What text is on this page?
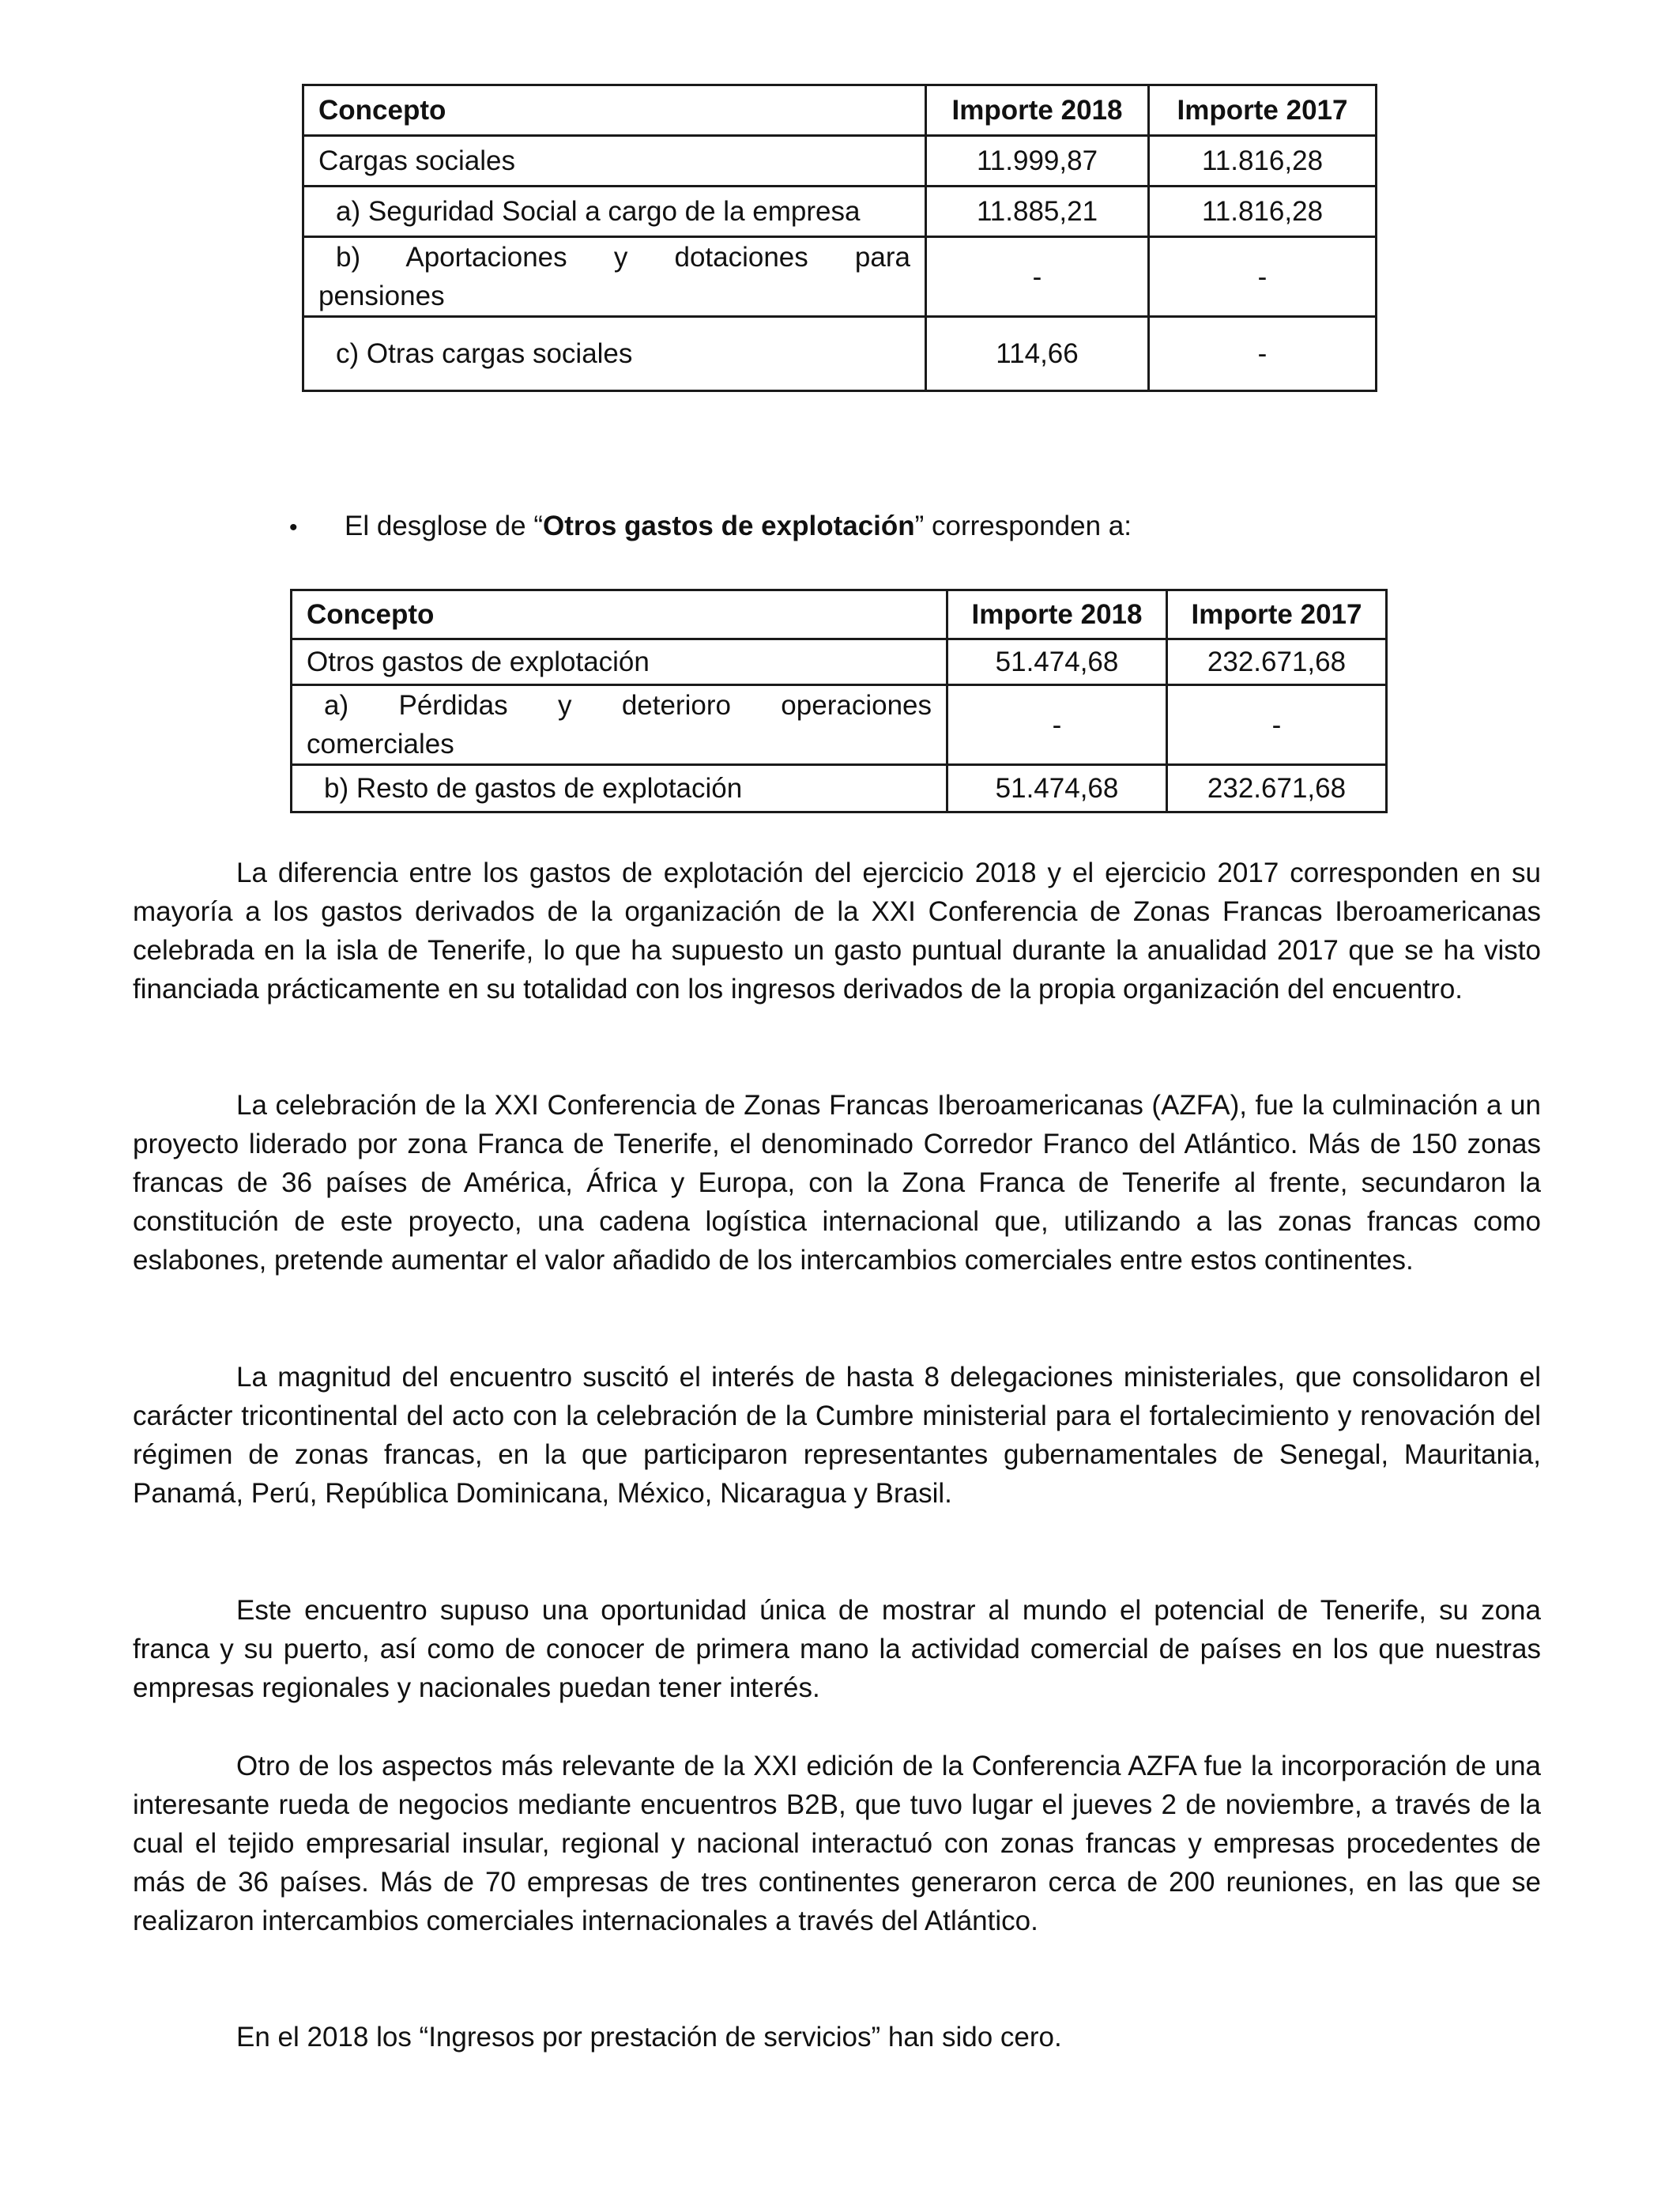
Concepto	Importe 2018	Importe 2017
Cargas sociales	11.999,87	11.816,28
a) Seguridad Social a cargo de la empresa	11.885,21	11.816,28

b) Aportaciones y dotaciones para
pensiones	-	-
c) Otras cargas sociales	114,66	-
• El desglose de “Otros gastos de explotación” corresponden a:
Concepto	Importe 2018	Importe 2017
Otros gastos de explotación	51.474,68	232.671,68

a) Pérdidas y deterioro operaciones
comerciales	-	-
b) Resto de gastos de explotación	51.474,68	232.671,68

La diferencia entre los gastos de explotación del ejercicio 2018 y el ejercicio 2017 corresponden en su mayoría a los gastos derivados de la organización de la XXI Conferencia de Zonas Francas Iberoamericanas celebrada en la isla de Tenerife, lo que ha supuesto un gasto puntual durante la anualidad 2017 que se ha visto financiada prácticamente en su totalidad con los ingresos derivados de la propia organización del encuentro.

La celebración de la XXI Conferencia de Zonas Francas Iberoamericanas (AZFA), fue la culminación a un proyecto liderado por zona Franca de Tenerife, el denominado Corredor Franco del Atlántico. Más de 150 zonas francas de 36 países de América, África y Europa, con la Zona Franca de Tenerife al frente, secundaron la constitución de este proyecto, una cadena logística internacional que, utilizando a las zonas francas como eslabones, pretende aumentar el valor añadido de los intercambios comerciales entre estos continentes.

La magnitud del encuentro suscitó el interés de hasta 8 delegaciones ministeriales, que consolidaron el carácter tricontinental del acto con la celebración de la Cumbre ministerial para el fortalecimiento y renovación del régimen de zonas francas, en la que participaron representantes gubernamentales de Senegal, Mauritania, Panamá, Perú, República Dominicana, México, Nicaragua y Brasil.

Este encuentro supuso una oportunidad única de mostrar al mundo el potencial de Tenerife, su zona franca y su puerto, así como de conocer de primera mano la actividad comercial de países en los que nuestras empresas regionales y nacionales puedan tener interés.

Otro de los aspectos más relevante de la XXI edición de la Conferencia AZFA fue la incorporación de una interesante rueda de negocios mediante encuentros B2B, que tuvo lugar el jueves 2 de noviembre, a través de la cual el tejido empresarial insular, regional y nacional interactuó con zonas francas y empresas procedentes de más de 36 países. Más de 70 empresas de tres continentes generaron cerca de 200 reuniones, en las que se realizaron intercambios comerciales internacionales a través del Atlántico.

En el 2018 los “Ingresos por prestación de servicios” han sido cero.
